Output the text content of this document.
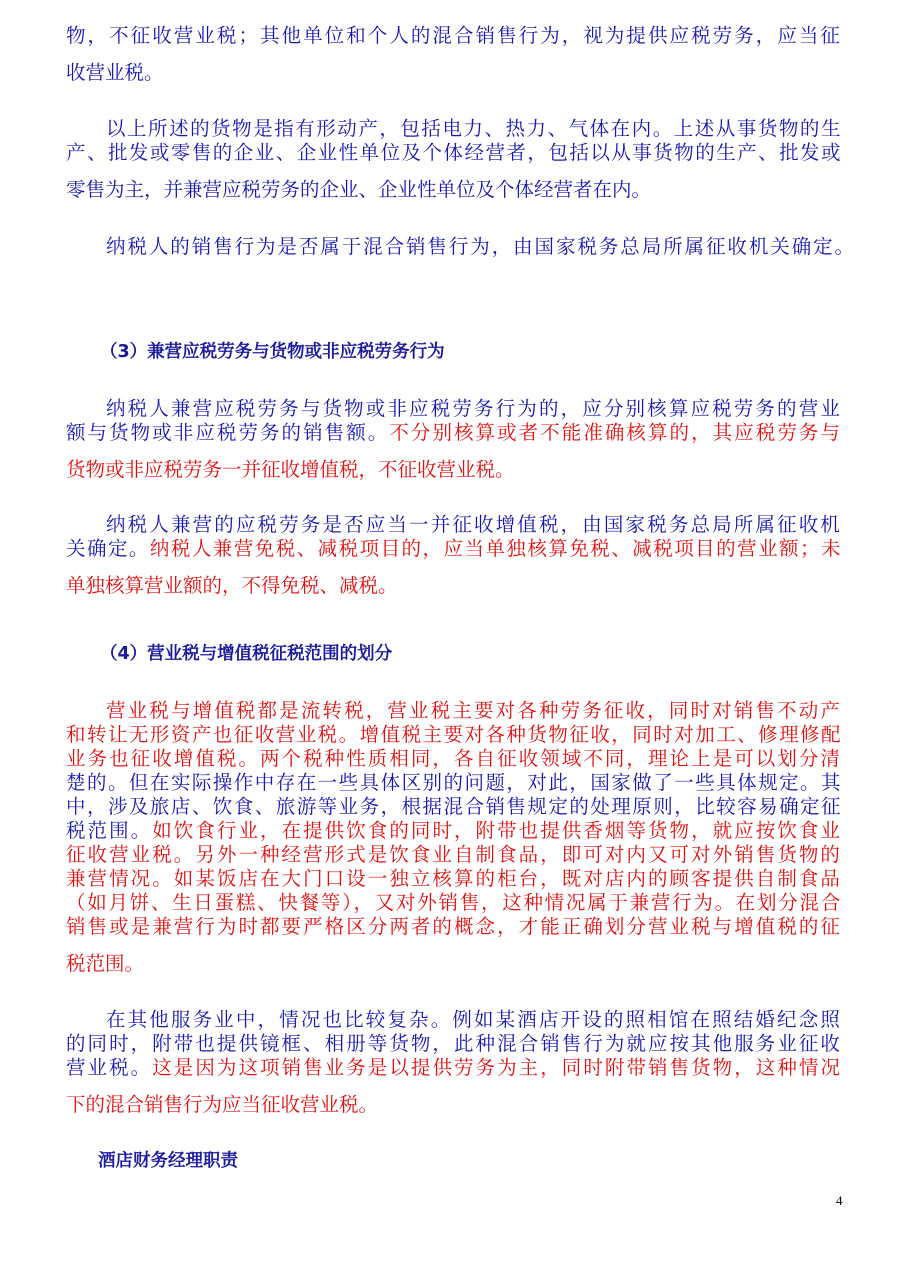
物，不征收营业税；其他单位和个人的混合销售行为，视为提供应税劳务，应当征
收营业税。
以上所述的货物是指有形动产，包括电力、热力、气体在内。上述从事货物的生
产、批发或零售的企业、企业性单位及个体经营者，包括以从事货物的生产、批发或
零售为主，并兼营应税劳务的企业、企业性单位及个体经营者在内。
纳税人的销售行为是否属于混合销售行为，由国家税务总局所属征收机关确定。
（3）兼营应税劳务与货物或非应税劳务行为
纳税人兼营应税劳务与货物或非应税劳务行为的，应分别核算应税劳务的营业
额与货物或非应税劳务的销售额。不分别核算或者不能准确核算的，其应税劳务与
货物或非应税劳务一并征收增值税，不征收营业税。
纳税人兼营的应税劳务是否应当一并征收增值税，由国家税务总局所属征收机
关确定。纳税人兼营免税、减税项目的，应当单独核算免税、减税项目的营业额；未
单独核算营业额的，不得免税、减税。
（4）营业税与增值税征税范围的划分
营业税与增值税都是流转税，营业税主要对各种劳务征收，同时对销售不动产
和转让无形资产也征收营业税。增值税主要对各种货物征收，同时对加工、修理修配
业务也征收增值税。两个税种性质相同，各自征收领域不同，理论上是可以划分清
楚的。但在实际操作中存在一些具体区别的问题，对此，国家做了一些具体规定。其
中，涉及旅店、饮食、旅游等业务，根据混合销售规定的处理原则，比较容易确定征
税范围。如饮食行业，在提供饮食的同时，附带也提供香烟等货物，就应按饮食业
征收营业税。另外一种经营形式是饮食业自制食品，即可对内又可对外销售货物的
兼营情况。如某饭店在大门口设一独立核算的柜台，既对店内的顾客提供自制食品
（如月饼、生日蛋糕、快餐等），又对外销售，这种情况属于兼营行为。在划分混合
销售或是兼营行为时都要严格区分两者的概念，才能正确划分营业税与增值税的征
税范围。
在其他服务业中，情况也比较复杂。例如某酒店开设的照相馆在照结婚纪念照
的同时，附带也提供镜框、相册等货物，此种混合销售行为就应按其他服务业征收
营业税。这是因为这项销售业务是以提供劳务为主，同时附带销售货物，这种情况
下的混合销售行为应当征收营业税。
酒店财务经理职责
4
